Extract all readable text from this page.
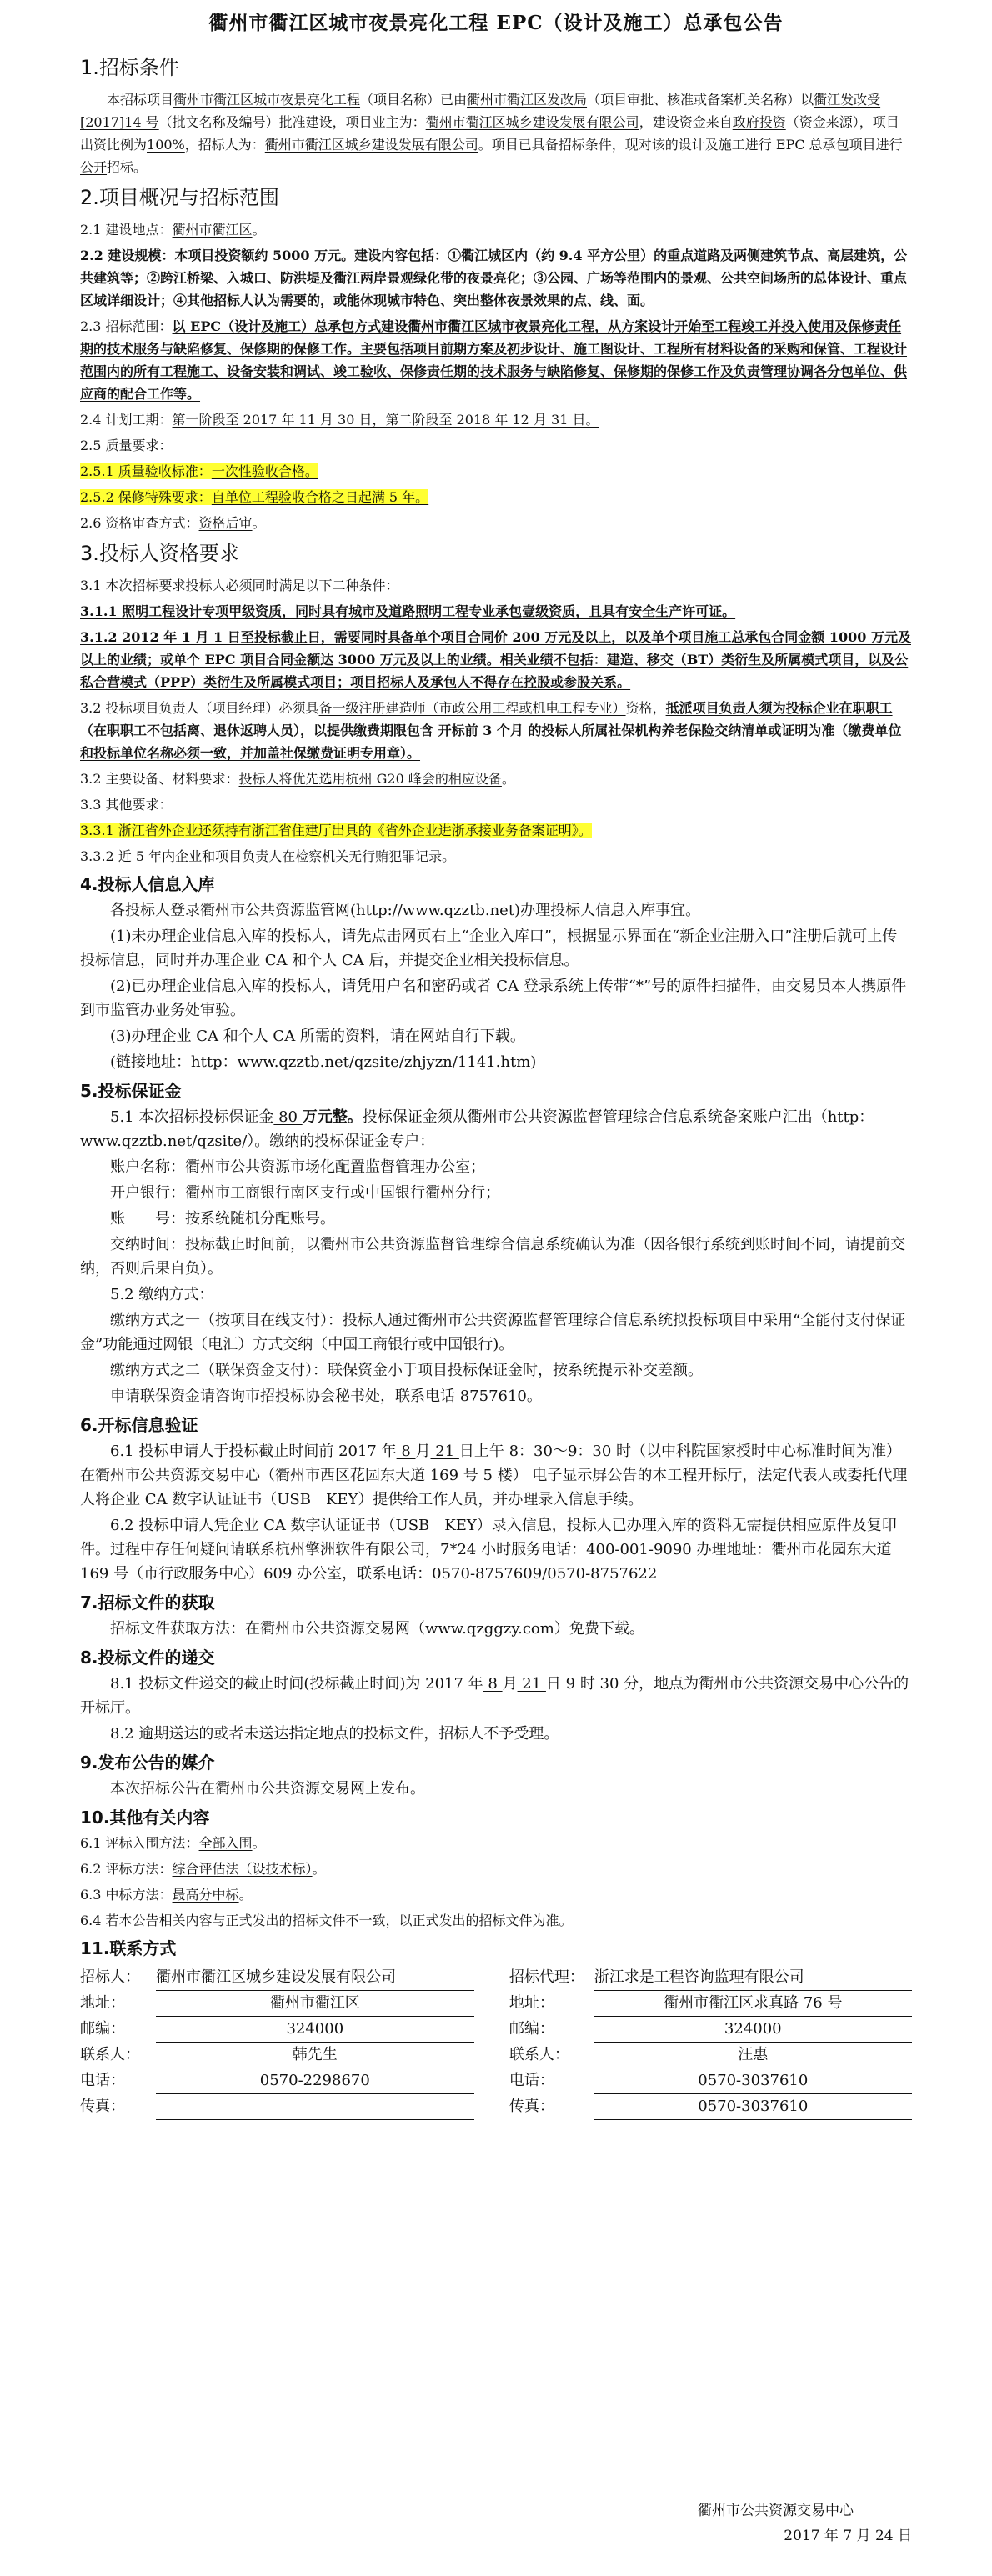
衢州市衢江区城市夜景亮化工程 EPC（设计及施工）总承包公告
1.招标条件

本招标项目衢州市衢江区城市夜景亮化工程（项目名称）已由衢州市衢江区发改局（项目审批、核准或备案机关名称）以衢江发改受[2017]14 号（批文名称及编号）批准建设，项目业主为：衢州市衢江区城乡建设发展有限公司，建设资金来自政府投资（资金来源），项目出资比例为100%，招标人为：衢州市衢江区城乡建设发展有限公司。项目已具备招标条件，现对该的设计及施工进行 EPC 总承包项目进行公开招标。

2.项目概况与招标范围

2.1 建设地点：衢州市衢江区。

2.2 建设规模：本项目投资额约 5000 万元。建设内容包括：①衢江城区内（约 9.4 平方公里）的重点道路及两侧建筑节点、高层建筑，公共建筑等；②跨江桥梁、入城口、防洪堤及衢江两岸景观绿化带的夜景亮化；③公园、广场等范围内的景观、公共空间场所的总体设计、重点区域详细设计；④其他招标人认为需要的，或能体现城市特色、突出整体夜景效果的点、线、面。

2.3 招标范围：以 EPC（设计及施工）总承包方式建设衢州市衢江区城市夜景亮化工程，从方案设计开始至工程竣工并投入使用及保修责任期的技术服务与缺陷修复、保修期的保修工作。主要包括项目前期方案及初步设计、施工图设计、工程所有材料设备的采购和保管、工程设计范围内的所有工程施工、设备安装和调试、竣工验收、保修责任期的技术服务与缺陷修复、保修期的保修工作及负责管理协调各分包单位、供应商的配合工作等。

2.4 计划工期：第一阶段至 2017 年 11 月 30 日，第二阶段至 2018 年 12 月 31 日。

2.5 质量要求：

2.5.1 质量验收标准：一次性验收合格。

2.5.2 保修特殊要求：自单位工程验收合格之日起满 5 年。

2.6 资格审查方式：资格后审。

3.投标人资格要求

3.1 本次招标要求投标人必须同时满足以下二种条件：

3.1.1 照明工程设计专项甲级资质，同时具有城市及道路照明工程专业承包壹级资质，且具有安全生产许可证。

3.1.2 2012 年 1 月 1 日至投标截止日，需要同时具备单个项目合同价 200 万元及以上，以及单个项目施工总承包合同金额 1000 万元及以上的业绩；或单个 EPC 项目合同金额达 3000 万元及以上的业绩。相关业绩不包括：建造、移交（BT）类衍生及所属模式项目，以及公私合营模式（PPP）类衍生及所属模式项目；项目招标人及承包人不得存在控股或参股关系。

3.2 投标项目负责人（项目经理）必须具备一级注册建造师（市政公用工程或机电工程专业）资格，抵派项目负责人须为投标企业在职职工（在职职工不包括离、退休返聘人员），以提供缴费期限包含 开标前 3 个月 的投标人所属社保机构养老保险交纳清单或证明为准（缴费单位和投标单位名称必须一致，并加盖社保缴费证明专用章）。

3.2 主要设备、材料要求：投标人将优先选用杭州 G20 峰会的相应设备。

3.3 其他要求：

3.3.1 浙江省外企业还须持有浙江省住建厅出具的《省外企业进浙承接业务备案证明》。

3.3.2 近 5 年内企业和项目负责人在检察机关无行贿犯罪记录。

4.投标人信息入库

各投标人登录衢州市公共资源监管网(http://www.qzztb.net)办理投标人信息入库事宜。

(1)未办理企业信息入库的投标人，请先点击网页右上“企业入库口”，根据显示界面在“新企业注册入口”注册后就可上传投标信息，同时并办理企业 CA 和个人 CA 后，并提交企业相关投标信息。

(2)已办理企业信息入库的投标人，请凭用户名和密码或者 CA 登录系统上传带“*”号的原件扫描件，由交易员本人携原件到市监管办业务处审验。

(3)办理企业 CA 和个人 CA 所需的资料，请在网站自行下载。

(链接地址：http：www.qzztb.net/qzsite/zhjyzn/1141.htm)

5.投标保证金

5.1 本次招标投标保证金 80 万元整。投标保证金须从衢州市公共资源监督管理综合信息系统备案账户汇出（http：www.qzztb.net/qzsite/）。缴纳的投标保证金专户：

账户名称：衢州市公共资源市场化配置监督管理办公室；

开户银行：衢州市工商银行南区支行或中国银行衢州分行；

账　　号：按系统随机分配账号。

交纳时间：投标截止时间前，以衢州市公共资源监督管理综合信息系统确认为准（因各银行系统到账时间不同，请提前交纳，否则后果自负）。

5.2 缴纳方式：

缴纳方式之一（按项目在线支付）：投标人通过衢州市公共资源监督管理综合信息系统拟投标项目中采用“全能付支付保证金”功能通过网银（电汇）方式交纳（中国工商银行或中国银行)。

缴纳方式之二（联保资金支付）：联保资金小于项目投标保证金时，按系统提示补交差额。

申请联保资金请咨询市招投标协会秘书处，联系电话 8757610。

6.开标信息验证

6.1 投标申请人于投标截止时间前 2017 年 8 月 21 日上午 8：30～9：30 时（以中科院国家授时中心标准时间为准）在衢州市公共资源交易中心（衢州市西区花园东大道 169 号 5 楼） 电子显示屏公告的本工程开标厅，法定代表人或委托代理人将企业 CA 数字认证证书（USB　KEY）提供给工作人员，并办理录入信息手续。

6.2 投标申请人凭企业 CA 数字认证证书（USB　KEY）录入信息，投标人已办理入库的资料无需提供相应原件及复印件。过程中存任何疑问请联系杭州擎洲软件有限公司，7*24 小时服务电话：400-001-9090 办理地址：衢州市花园东大道 169 号（市行政服务中心）609 办公室，联系电话：0570-8757609/0570-8757622

7.招标文件的获取

招标文件获取方法：在衢州市公共资源交易网（www.qzggzy.com）免费下载。

8.投标文件的递交

8.1 投标文件递交的截止时间(投标截止时间)为 2017 年 8 月 21 日 9 时 30 分，地点为衢州市公共资源交易中心公告的开标厅。

8.2 逾期送达的或者未送达指定地点的投标文件，招标人不予受理。

9.发布公告的媒介

本次招标公告在衢州市公共资源交易网上发布。

10.其他有关内容

6.1 评标入围方法：全部入围。

6.2 评标方法：综合评估法（设技术标）。

6.3 中标方法：最高分中标。

6.4 若本公告相关内容与正式发出的招标文件不一致，以正式发出的招标文件为准。

11.联系方式
招标人：	衢州市衢江区城乡建设发展有限公司		招标代理：	浙江求是工程咨询监理有限公司
地址：	衢州市衢江区		地址：	衢州市衢江区求真路 76 号
邮编：	324000		邮编：	324000
联系人：	韩先生		联系人：	汪惠
电话：	0570-2298670		电话：	0570-3037610
传真：			传真：	0570-3037610
衢州市公共资源交易中心
2017 年 7 月 24 日
